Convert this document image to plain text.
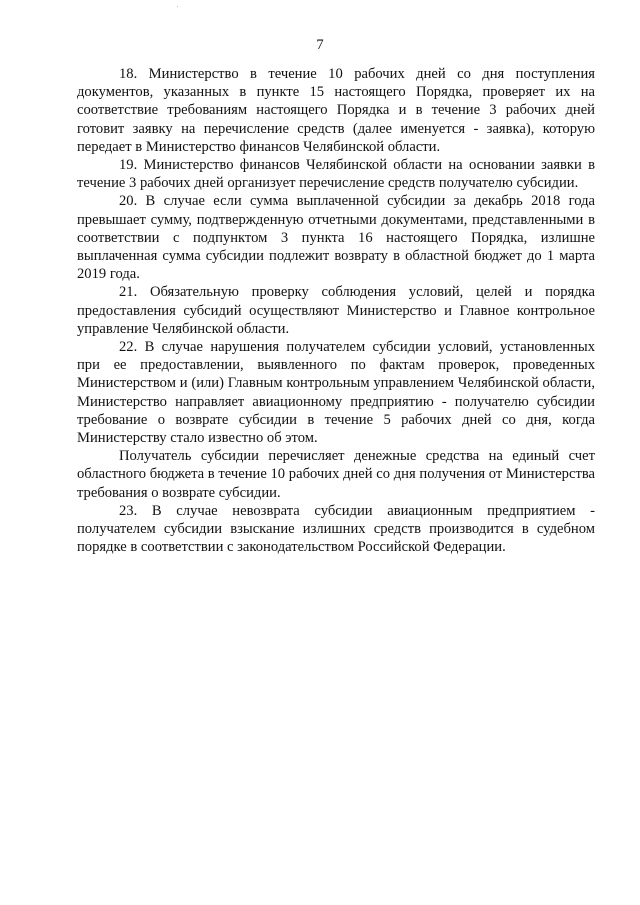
7

18. Министерство в течение 10 рабочих дней со дня поступления документов, указанных в пункте 15 настоящего Порядка, проверяет их на соответствие требованиям настоящего Порядка и в течение 3 рабочих дней готовит заявку на перечисление средств (далее именуется - заявка), которую передает в Министерство финансов Челябинской области.

19. Министерство финансов Челябинской области на основании заявки в течение 3 рабочих дней организует перечисление средств получателю субсидии.

20. В случае если сумма выплаченной субсидии за декабрь 2018 года превышает сумму, подтвержденную отчетными документами, представленными в соответствии с подпунктом 3 пункта 16 настоящего Порядка, излишне выплаченная сумма субсидии подлежит возврату в областной бюджет до 1 марта 2019 года.

21. Обязательную проверку соблюдения условий, целей и порядка предоставления субсидий осуществляют Министерство и Главное контрольное управление Челябинской области.

22. В случае нарушения получателем субсидии условий, установленных при ее предоставлении, выявленного по фактам проверок, проведенных Министерством и (или) Главным контрольным управлением Челябинской области, Министерство направляет авиационному предприятию - получателю субсидии требование о возврате субсидии в течение 5 рабочих дней со дня, когда Министерству стало известно об этом.

Получатель субсидии перечисляет денежные средства на единый счет областного бюджета в течение 10 рабочих дней со дня получения от Министерства требования о возврате субсидии.

23. В случае невозврата субсидии авиационным предприятием - получателем субсидии взыскание излишних средств производится в судебном порядке в соответствии с законодательством Российской Федерации.
